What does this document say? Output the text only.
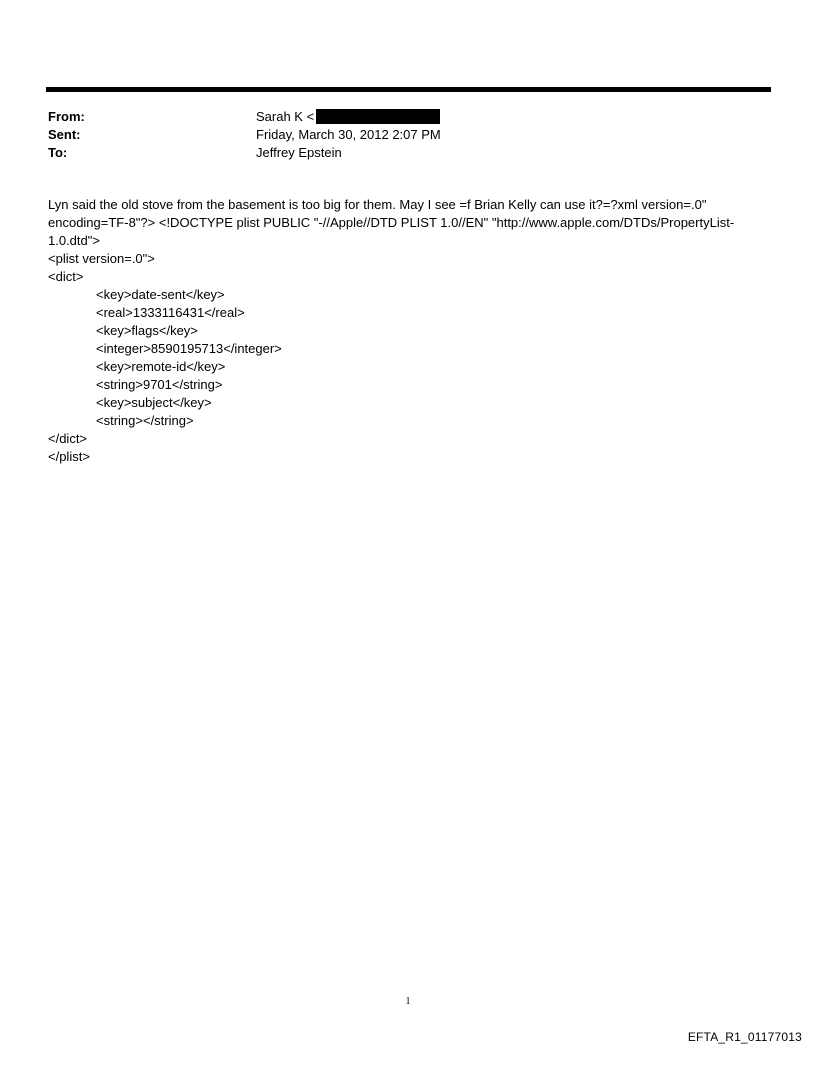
From:	Sarah K <
Sent:	Friday, March 30, 2012 2:07 PM
To:	Jeffrey Epstein
Lyn said the old stove from the basement is too big for them. May I see =f Brian Kelly can use it?=?xml version=.0"
encoding=TF-8"?> <!DOCTYPE plist PUBLIC "-//Apple//DTD PLIST 1.0//EN" "http://www.apple.com/DTDs/PropertyList-
1.0.dtd">
<plist version=.0">
<dict>
<key>date-sent</key>
<real>1333116431</real>
<key>flags</key>
<integer>8590195713</integer>
<key>remote-id</key>
<string>9701</string>
<key>subject</key>
<string></string>
</dict>
</plist>
1
EFTA_R1_01177013
